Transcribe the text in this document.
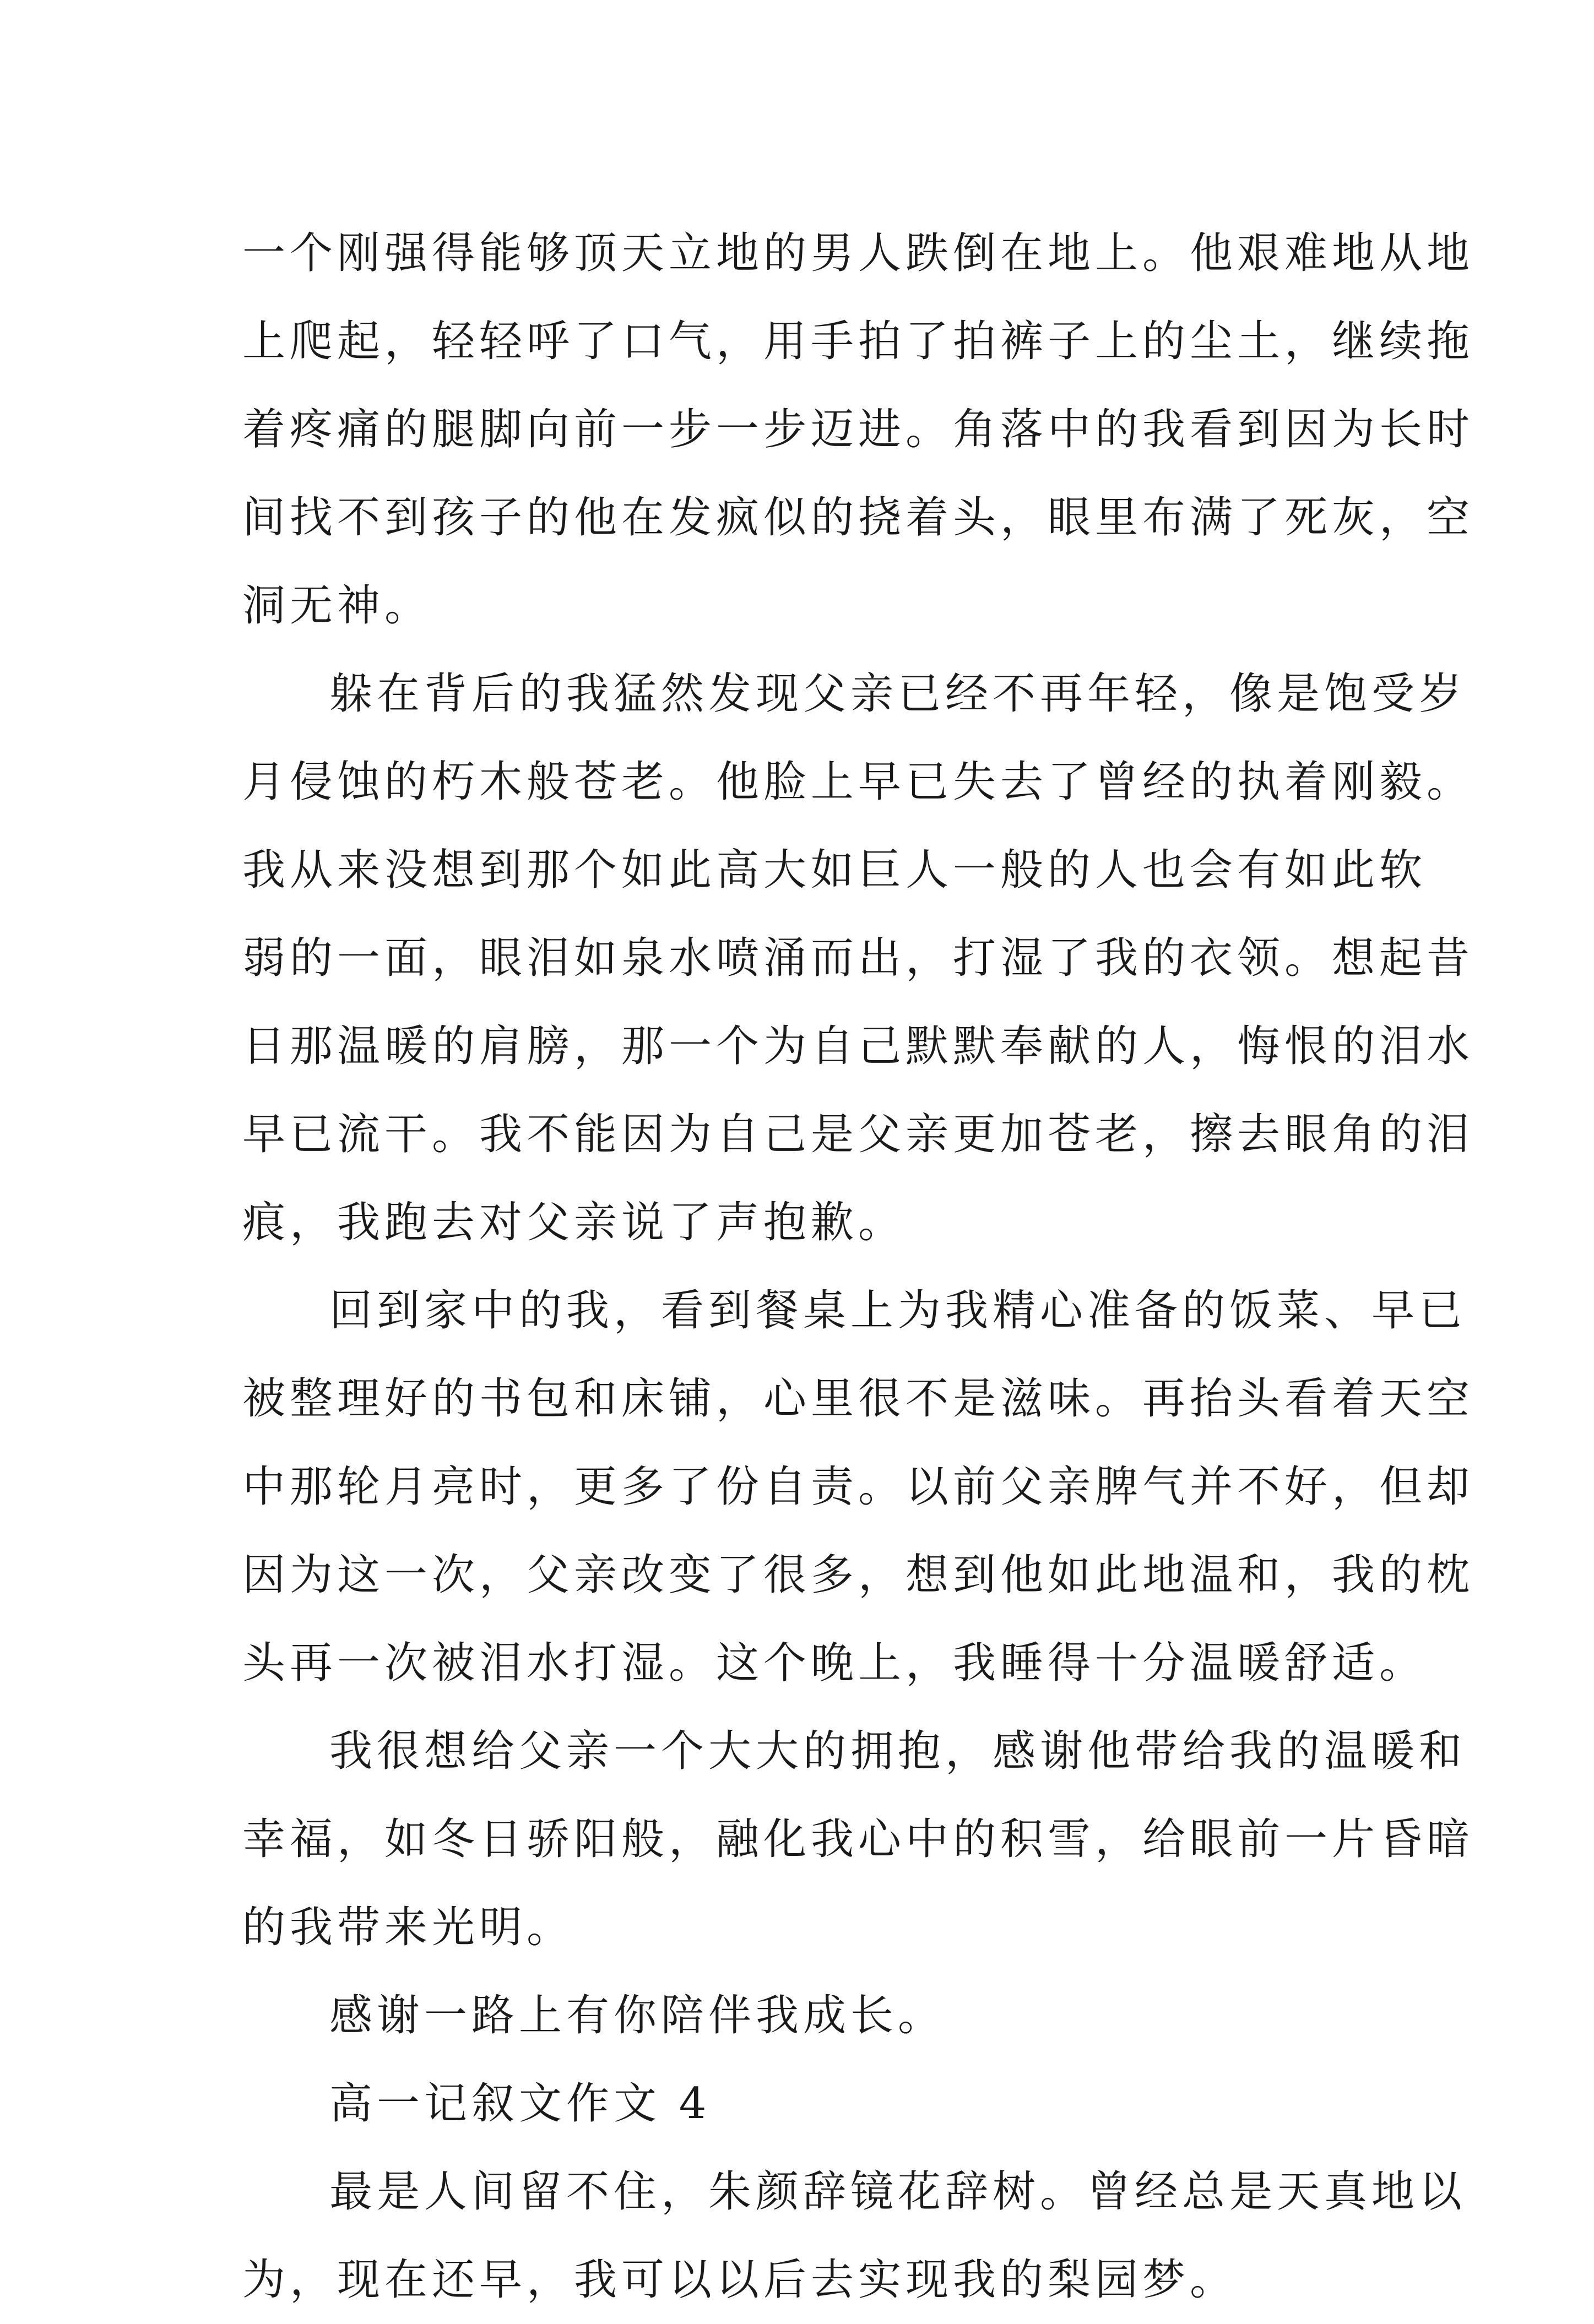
一个刚强得能够顶天立地的男人跌倒在地上。他艰难地从地
上爬起，轻轻呼了口气，用手拍了拍裤子上的尘土，继续拖
着疼痛的腿脚向前一步一步迈进。角落中的我看到因为长时
间找不到孩子的他在发疯似的挠着头，眼里布满了死灰，空
洞无神。
躲在背后的我猛然发现父亲已经不再年轻，像是饱受岁
月侵蚀的朽木般苍老。他脸上早已失去了曾经的执着刚毅。
我从来没想到那个如此高大如巨人一般的人也会有如此软
弱的一面，眼泪如泉水喷涌而出，打湿了我的衣领。想起昔
日那温暖的肩膀，那一个为自己默默奉献的人，悔恨的泪水
早已流干。我不能因为自己是父亲更加苍老，擦去眼角的泪
痕，我跑去对父亲说了声抱歉。
回到家中的我，看到餐桌上为我精心准备的饭菜、早已
被整理好的书包和床铺，心里很不是滋味。再抬头看着天空
中那轮月亮时，更多了份自责。以前父亲脾气并不好，但却
因为这一次，父亲改变了很多，想到他如此地温和，我的枕
头再一次被泪水打湿。这个晚上，我睡得十分温暖舒适。
我很想给父亲一个大大的拥抱，感谢他带给我的温暖和
幸福，如冬日骄阳般，融化我心中的积雪，给眼前一片昏暗
的我带来光明。
感谢一路上有你陪伴我成长。
高一记叙文作文 4
最是人间留不住，朱颜辞镜花辞树。曾经总是天真地以
为，现在还早，我可以以后去实现我的梨园梦。
